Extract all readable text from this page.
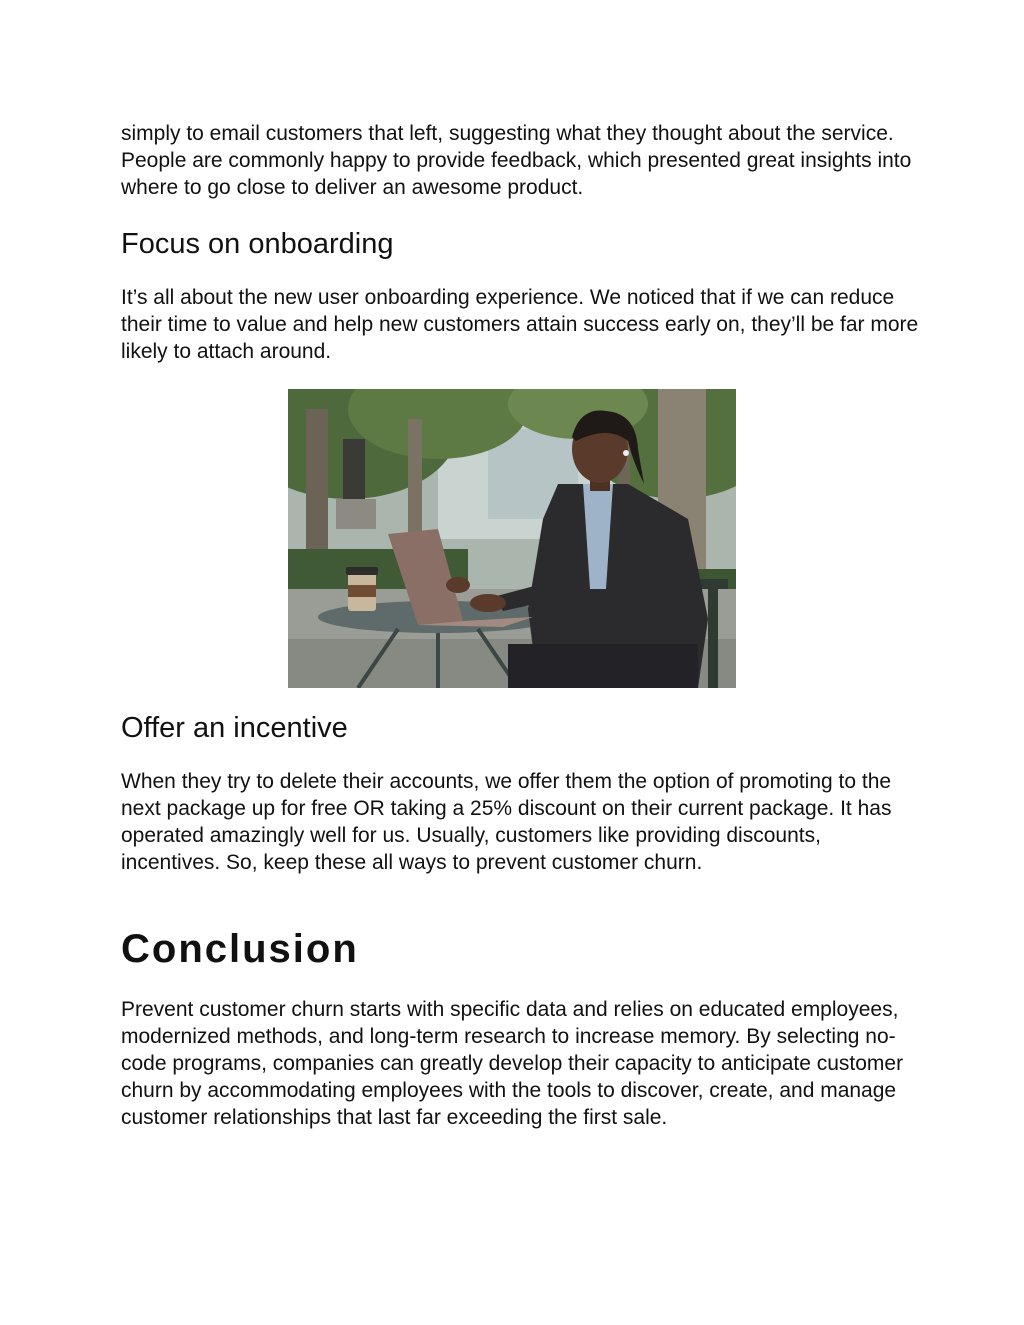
simply to email customers that left, suggesting what they thought about the service. People are commonly happy to provide feedback, which presented great insights into where to go close to deliver an awesome product.

Focus on onboarding

It’s all about the new user onboarding experience. We noticed that if we can reduce their time to value and help new customers attain success early on, they’ll be far more likely to attach around.

Offer an incentive

When they try to delete their accounts, we offer them the option of promoting to the next package up for free OR taking a 25% discount on their current package. It has operated amazingly well for us. Usually, customers like providing discounts, incentives. So, keep these all ways to prevent customer churn.

Conclusion

Prevent customer churn starts with specific data and relies on educated employees, modernized methods, and long-term research to increase memory. By selecting no-code programs, companies can greatly develop their capacity to anticipate customer churn by accommodating employees with the tools to discover, create, and manage customer relationships that last far exceeding the first sale.
